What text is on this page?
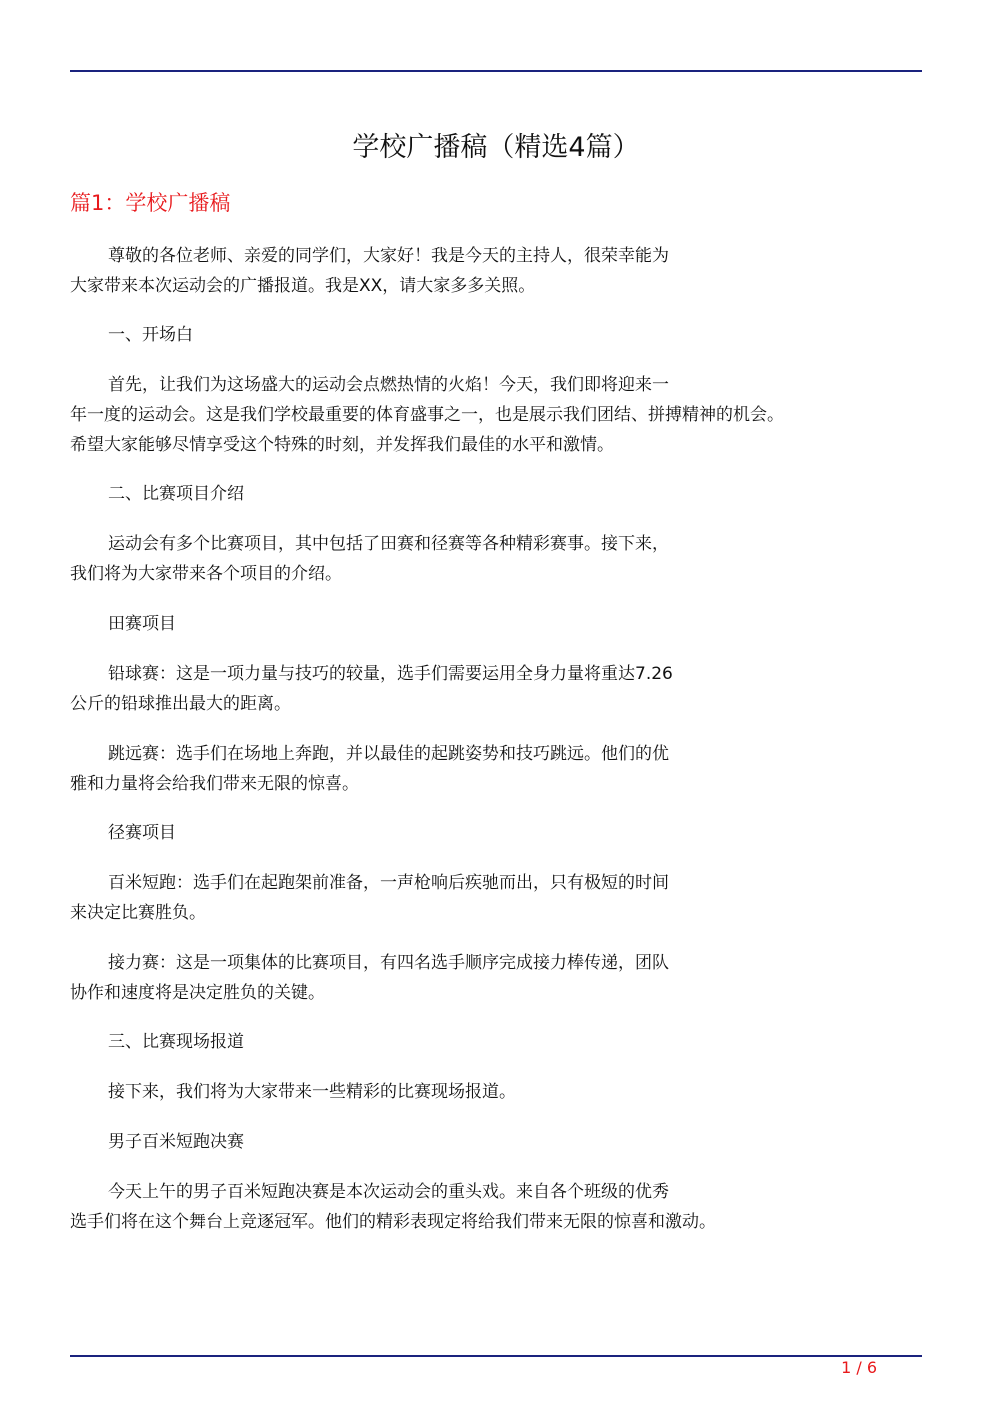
学校广播稿（精选4篇）
篇1：学校广播稿
尊敬的各位老师、亲爱的同学们，大家好！我是今天的主持人，很荣幸能为
大家带来本次运动会的广播报道。我是XX，请大家多多关照。
一、开场白
首先，让我们为这场盛大的运动会点燃热情的火焰！今天，我们即将迎来一
年一度的运动会。这是我们学校最重要的体育盛事之一，也是展示我们团结、拼搏精神的机会。
希望大家能够尽情享受这个特殊的时刻，并发挥我们最佳的水平和激情。
二、比赛项目介绍
运动会有多个比赛项目，其中包括了田赛和径赛等各种精彩赛事。接下来，
我们将为大家带来各个项目的介绍。
田赛项目
铅球赛：这是一项力量与技巧的较量，选手们需要运用全身力量将重达7.26
公斤的铅球推出最大的距离。
跳远赛：选手们在场地上奔跑，并以最佳的起跳姿势和技巧跳远。他们的优
雅和力量将会给我们带来无限的惊喜。
径赛项目
百米短跑：选手们在起跑架前准备，一声枪响后疾驰而出，只有极短的时间
来决定比赛胜负。
接力赛：这是一项集体的比赛项目，有四名选手顺序完成接力棒传递，团队
协作和速度将是决定胜负的关键。
三、比赛现场报道
接下来，我们将为大家带来一些精彩的比赛现场报道。
男子百米短跑决赛
今天上午的男子百米短跑决赛是本次运动会的重头戏。来自各个班级的优秀
选手们将在这个舞台上竞逐冠军。他们的精彩表现定将给我们带来无限的惊喜和激动。
1 / 6
